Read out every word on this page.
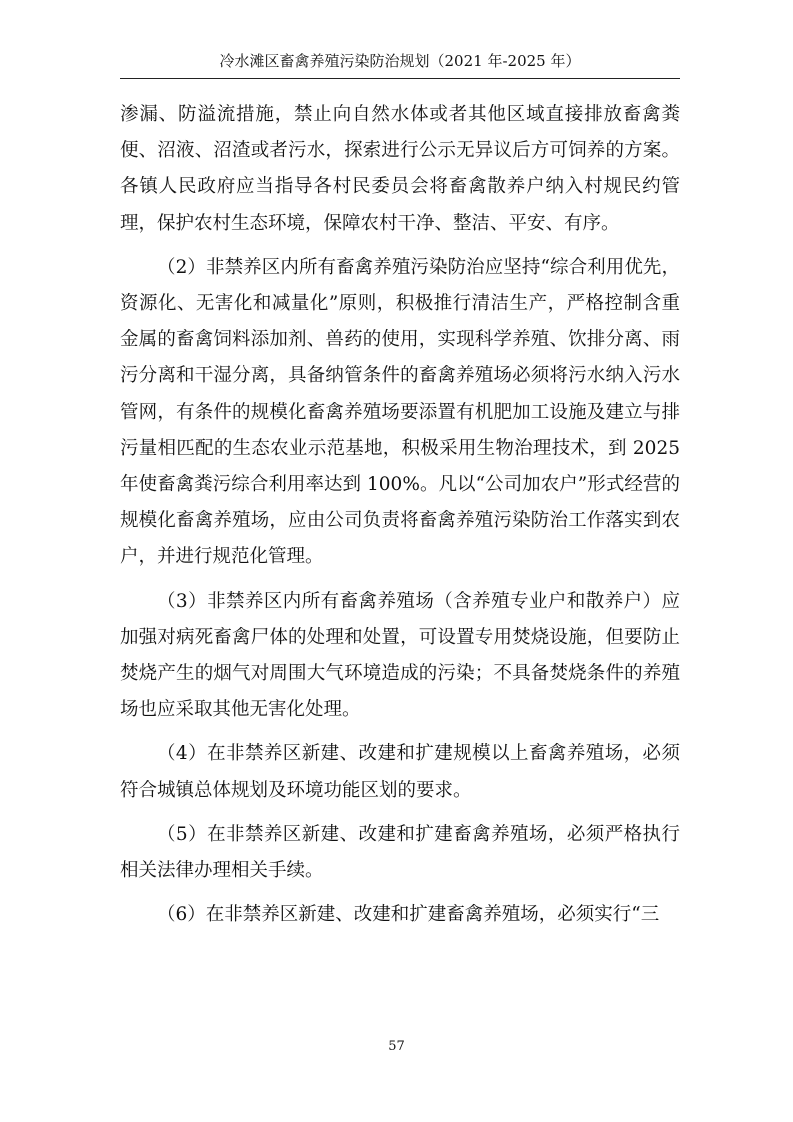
冷水滩区畜禽养殖污染防治规划（2021 年-2025 年）

渗漏、防溢流措施，禁止向自然水体或者其他区域直接排放畜禽粪便、沼液、沼渣或者污水，探索进行公示无异议后方可饲养的方案。各镇人民政府应当指导各村民委员会将畜禽散养户纳入村规民约管理，保护农村生态环境，保障农村干净、整洁、平安、有序。

（2）非禁养区内所有畜禽养殖污染防治应坚持“综合利用优先，资源化、无害化和减量化”原则，积极推行清洁生产，严格控制含重金属的畜禽饲料添加剂、兽药的使用，实现科学养殖、饮排分离、雨污分离和干湿分离，具备纳管条件的畜禽养殖场必须将污水纳入污水管网，有条件的规模化畜禽养殖场要添置有机肥加工设施及建立与排污量相匹配的生态农业示范基地，积极采用生物治理技术，到 2025 年使畜禽粪污综合利用率达到 100%。凡以“公司加农户”形式经营的规模化畜禽养殖场，应由公司负责将畜禽养殖污染防治工作落实到农户，并进行规范化管理。

（3）非禁养区内所有畜禽养殖场（含养殖专业户和散养户）应加强对病死畜禽尸体的处理和处置，可设置专用焚烧设施，但要防止焚烧产生的烟气对周围大气环境造成的污染；不具备焚烧条件的养殖场也应采取其他无害化处理。

（4）在非禁养区新建、改建和扩建规模以上畜禽养殖场，必须符合城镇总体规划及环境功能区划的要求。

（5）在非禁养区新建、改建和扩建畜禽养殖场，必须严格执行相关法律办理相关手续。

（6）在非禁养区新建、改建和扩建畜禽养殖场，必须实行“三

57
